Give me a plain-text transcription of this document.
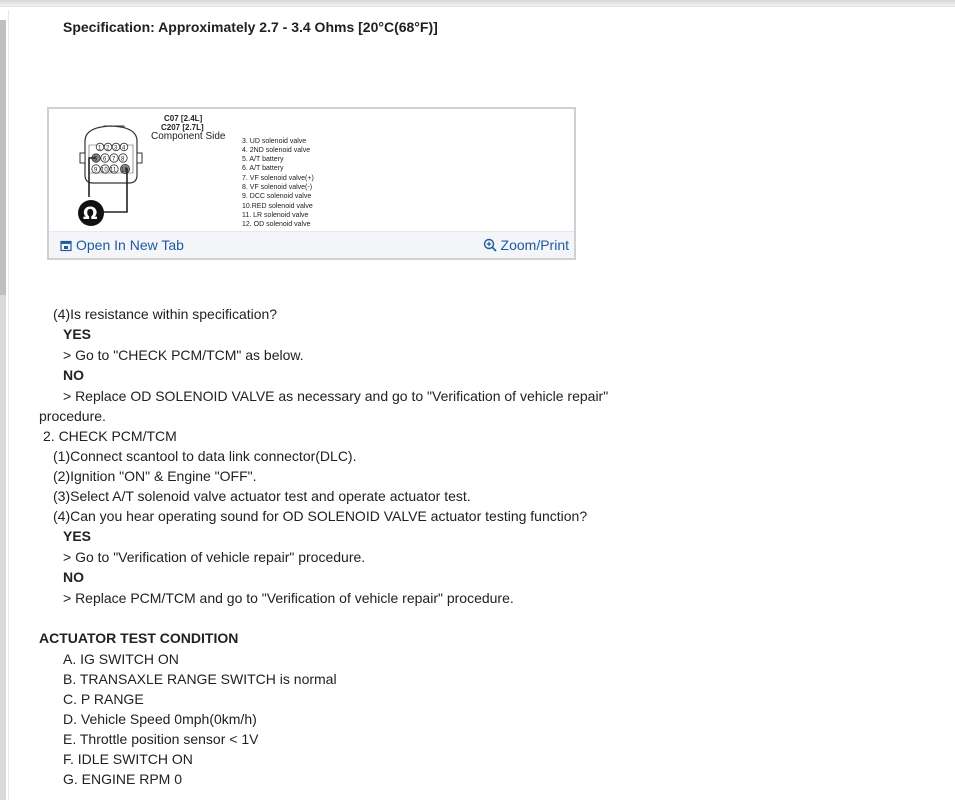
Specification: Approximately 2.7 - 3.4 Ohms [20°C(68°F)]
C07 [2.4L]
C207 [2.7L]
Component Side
1 2 3 4
5 6 7 8
9 10 11 12
Ω
3. UD solenoid valve
4. 2ND solenoid valve
5. A/T battery
6. A/T battery
7. VF solenoid valve(+)
8. VF solenoid valve(-)
9. DCC solenoid valve
10.RED solenoid valve
11. LR solenoid valve
12. OD solenoid valve
Open In New Tab	Zoom/Print
(4)Is resistance within specification?
YES
> Go to "CHECK PCM/TCM" as below.
NO
> Replace OD SOLENOID VALVE as necessary and go to "Verification of vehicle repair"
procedure.
2. CHECK PCM/TCM
(1)Connect scantool to data link connector(DLC).
(2)Ignition "ON" & Engine "OFF".
(3)Select A/T solenoid valve actuator test and operate actuator test.
(4)Can you hear operating sound for OD SOLENOID VALVE actuator testing function?
YES
> Go to "Verification of vehicle repair" procedure.
NO
> Replace PCM/TCM and go to "Verification of vehicle repair" procedure.
ACTUATOR TEST CONDITION
A. IG SWITCH ON
B. TRANSAXLE RANGE SWITCH is normal
C. P RANGE
D. Vehicle Speed 0mph(0km/h)
E. Throttle position sensor < 1V
F. IDLE SWITCH ON
G. ENGINE RPM 0
